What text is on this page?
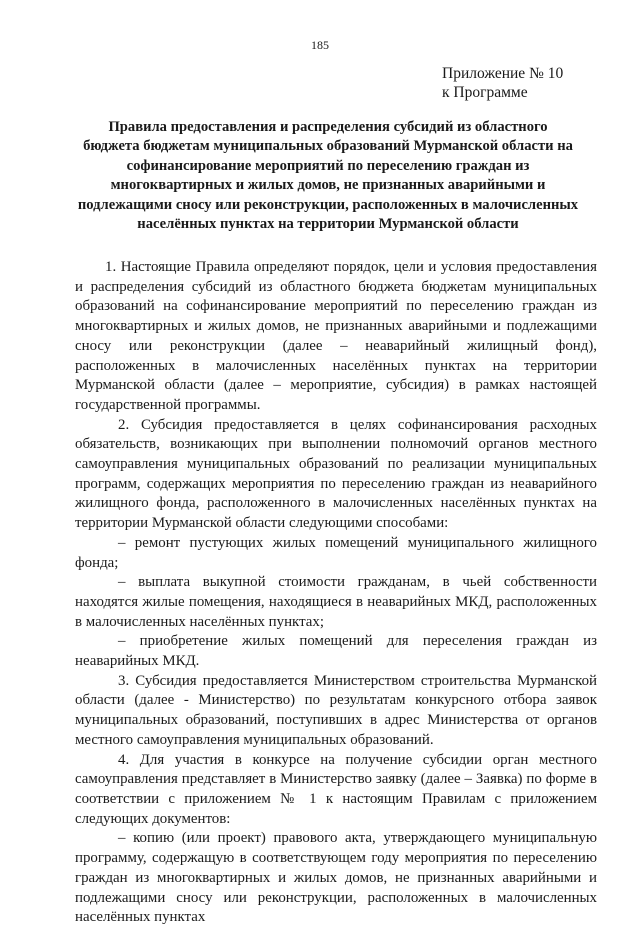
185
Приложение № 10
к Программе
Правила предоставления и распределения субсидий из областного
бюджета бюджетам муниципальных образований Мурманской области на
софинансирование мероприятий по переселению граждан из
многоквартирных и жилых домов, не признанных аварийными и
подлежащими сносу или реконструкции, расположенных в малочисленных
населённых пунктах на территории Мурманской области

1. Настоящие Правила определяют порядок, цели и условия предоставления и распределения субсидий из областного бюджета бюджетам муниципальных образований на софинансирование мероприятий по переселению граждан из многоквартирных и жилых домов, не признанных аварийными и подлежащими сносу или реконструкции (далее – неаварийный жилищный фонд), расположенных в малочисленных населённых пунктах на территории Мурманской области (далее – мероприятие, субсидия) в рамках настоящей государственной программы.

2. Субсидия предоставляется в целях софинансирования расходных обязательств, возникающих при выполнении полномочий органов местного самоуправления муниципальных образований по реализации муниципальных программ, содержащих мероприятия по переселению граждан из неаварийного жилищного фонда, расположенного в малочисленных населённых пунктах на территории Мурманской области следующими способами:

– ремонт пустующих жилых помещений муниципального жилищного фонда;

– выплата выкупной стоимости гражданам, в чьей собственности находятся жилые помещения, находящиеся в неаварийных МКД, расположенных в малочисленных населённых пунктах;

– приобретение жилых помещений для переселения граждан из неаварийных МКД.

3. Субсидия предоставляется Министерством строительства Мурманской области (далее - Министерство) по результатам конкурсного отбора заявок муниципальных образований, поступивших в адрес Министерства от органов местного самоуправления муниципальных образований.

4. Для участия в конкурсе на получение субсидии орган местного самоуправления представляет в Министерство заявку (далее – Заявка) по форме в соответствии с приложением № 1 к настоящим Правилам с приложением следующих документов:

– копию (или проект) правового акта, утверждающего муниципальную программу, содержащую в соответствующем году мероприятия по переселению граждан из многоквартирных и жилых домов, не признанных аварийными и подлежащими сносу или реконструкции, расположенных в малочисленных населённых пунктах
